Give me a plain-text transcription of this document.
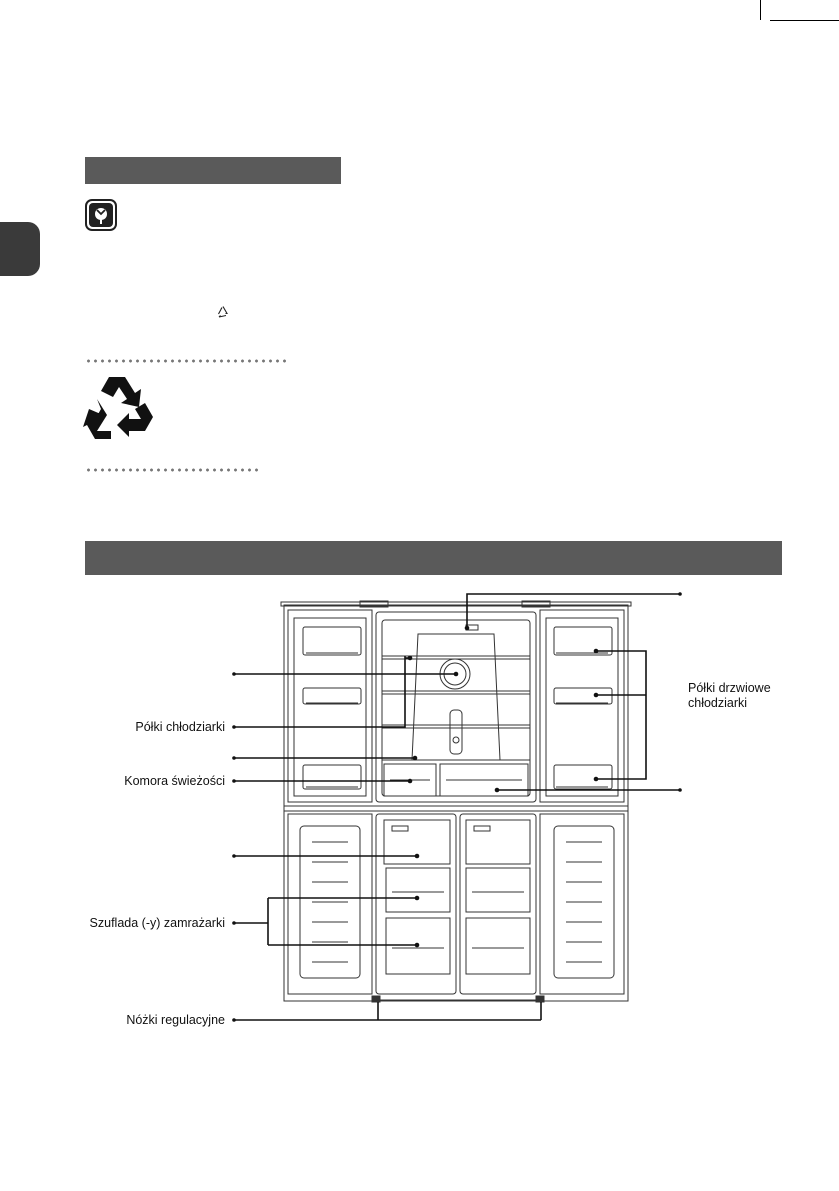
Półki chłodziarki
Komora świeżości
Szuflada (-y) zamrażarki
Nóżki regulacyjne
Półki drzwiowe
chłodziarki
